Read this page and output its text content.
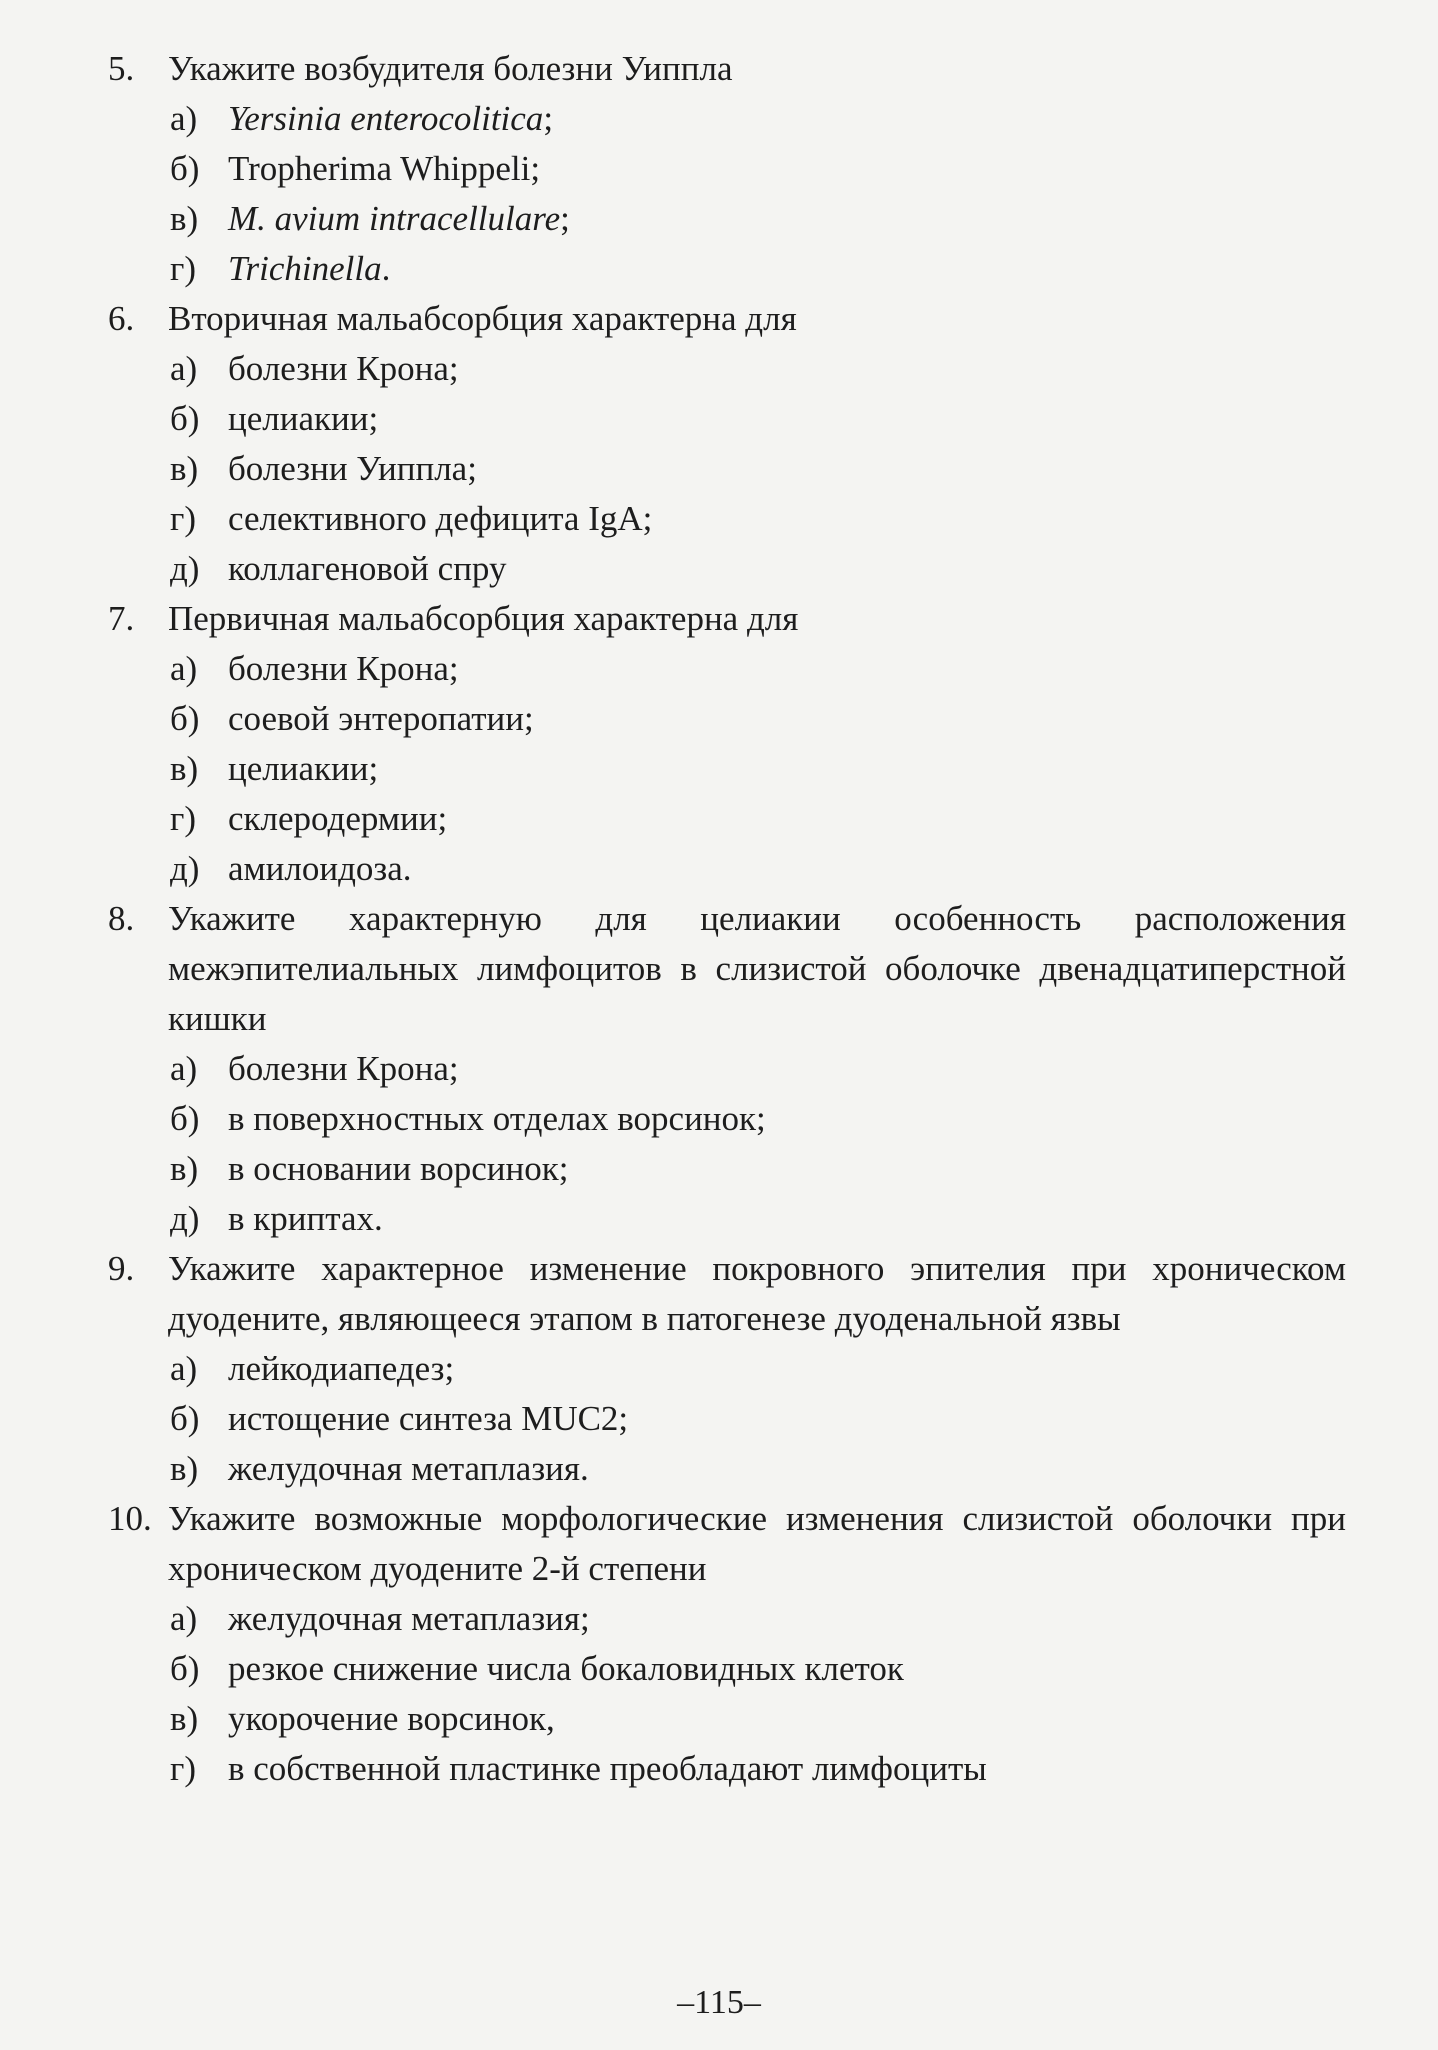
5. Укажите возбудителя болезни Уиппла

а) Yersinia enterocolitica;
б) Tropherima Whippeli;
в) M. avium intracellulare;
г) Trichinella.

6. Вторичная мальабсорбция характерна для

а) болезни Крона;
б) целиакии;
в) болезни Уиппла;
г) селективного дефицита IgA;
д) коллагеновой спру

7. Первичная мальабсорбция характерна для

а) болезни Крона;
б) соевой энтеропатии;
в) целиакии;
г) склеродермии;
д) амилоидоза.

8. Укажите характерную для целиакии особенность расположения межэпителиальных лимфоцитов в слизистой оболочке двенадцатиперстной кишки

а) болезни Крона;
б) в поверхностных отделах ворсинок;
в) в основании ворсинок;
д) в криптах.

9. Укажите характерное изменение покровного эпителия при хроническом дуодените, являющееся этапом в патогенезе дуоденальной язвы

а) лейкодиапедез;
б) истощение синтеза MUC2;
в) желудочная метаплазия.

10. Укажите возможные морфологические изменения слизистой оболочки при хроническом дуодените 2-й степени

а) желудочная метаплазия;
б) резкое снижение числа бокаловидных клеток
в) укорочение ворсинок,
г) в собственной пластинке преобладают лимфоциты
–115–
